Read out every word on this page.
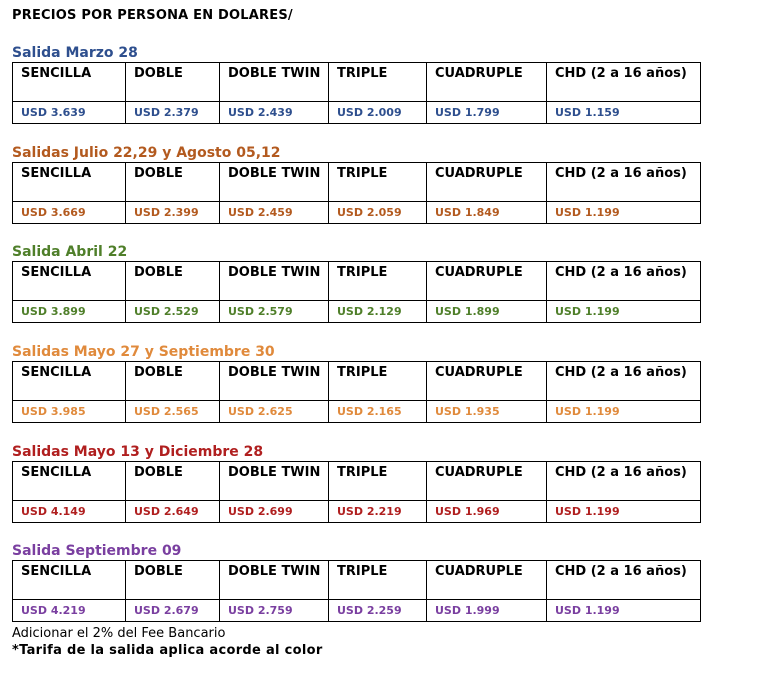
PRECIOS POR PERSONA EN DOLARES/
Salida Marzo 28
SENCILLA	DOBLE	DOBLE TWIN	TRIPLE	CUADRUPLE	CHD (2 a 16 años)
USD 3.639	USD 2.379	USD 2.439	USD 2.009	USD 1.799	USD 1.159
Salidas Julio 22,29 y Agosto 05,12
SENCILLA	DOBLE	DOBLE TWIN	TRIPLE	CUADRUPLE	CHD (2 a 16 años)
USD 3.669	USD 2.399	USD 2.459	USD 2.059	USD 1.849	USD 1.199
Salida Abril 22
SENCILLA	DOBLE	DOBLE TWIN	TRIPLE	CUADRUPLE	CHD (2 a 16 años)
USD 3.899	USD 2.529	USD 2.579	USD 2.129	USD 1.899	USD 1.199
Salidas Mayo 27 y Septiembre 30
SENCILLA	DOBLE	DOBLE TWIN	TRIPLE	CUADRUPLE	CHD (2 a 16 años)
USD 3.985	USD 2.565	USD 2.625	USD 2.165	USD 1.935	USD 1.199
Salidas Mayo 13 y Diciembre 28
SENCILLA	DOBLE	DOBLE TWIN	TRIPLE	CUADRUPLE	CHD (2 a 16 años)
USD 4.149	USD 2.649	USD 2.699	USD 2.219	USD 1.969	USD 1.199
Salida Septiembre 09
SENCILLA	DOBLE	DOBLE TWIN	TRIPLE	CUADRUPLE	CHD (2 a 16 años)
USD 4.219	USD 2.679	USD 2.759	USD 2.259	USD 1.999	USD 1.199
Adicionar el 2% del Fee Bancario
*Tarifa de la salida aplica acorde al color
